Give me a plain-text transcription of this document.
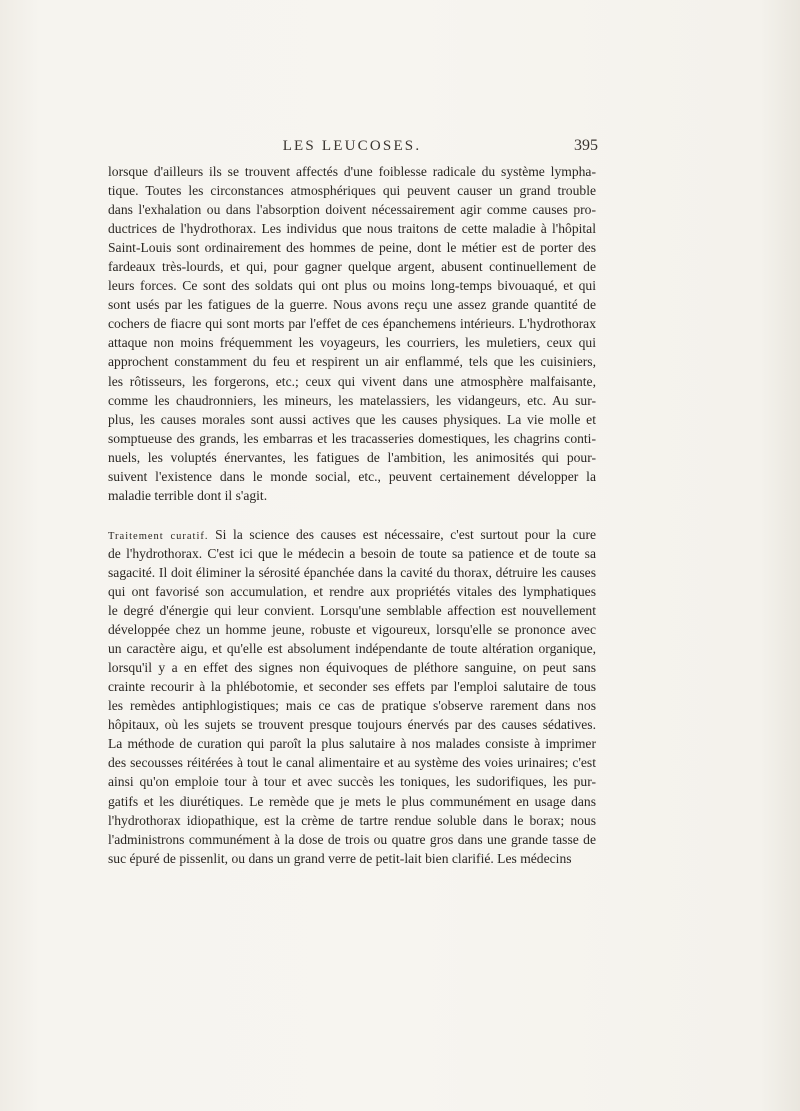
LES LEUCOSES.	395
lorsque d'ailleurs ils se trouvent affectés d'une foiblesse radicale du système lympha-
tique. Toutes les circonstances atmosphériques qui peuvent causer un grand trouble
dans l'exhalation ou dans l'absorption doivent nécessairement agir comme causes pro-
ductrices de l'hydrothorax. Les individus que nous traitons de cette maladie à l'hôpital
Saint-Louis sont ordinairement des hommes de peine, dont le métier est de porter des
fardeaux très-lourds, et qui, pour gagner quelque argent, abusent continuellement de
leurs forces. Ce sont des soldats qui ont plus ou moins long-temps bivouaqué, et qui
sont usés par les fatigues de la guerre. Nous avons reçu une assez grande quantité de
cochers de fiacre qui sont morts par l'effet de ces épanchemens intérieurs. L'hydrothorax
attaque non moins fréquemment les voyageurs, les courriers, les muletiers, ceux qui
approchent constamment du feu et respirent un air enflammé, tels que les cuisiniers,
les rôtisseurs, les forgerons, etc.; ceux qui vivent dans une atmosphère malfaisante,
comme les chaudronniers, les mineurs, les matelassiers, les vidangeurs, etc. Au sur-
plus, les causes morales sont aussi actives que les causes physiques. La vie molle et
somptueuse des grands, les embarras et les tracasseries domestiques, les chagrins conti-
nuels, les voluptés énervantes, les fatigues de l'ambition, les animosités qui pour-
suivent l'existence dans le monde social, etc., peuvent certainement développer la
maladie terrible dont il s'agit.
Traitement curatif. Si la science des causes est nécessaire, c'est surtout pour la cure
de l'hydrothorax. C'est ici que le médecin a besoin de toute sa patience et de toute sa
sagacité. Il doit éliminer la sérosité épanchée dans la cavité du thorax, détruire les causes
qui ont favorisé son accumulation, et rendre aux propriétés vitales des lymphatiques
le degré d'énergie qui leur convient. Lorsqu'une semblable affection est nouvellement
développée chez un homme jeune, robuste et vigoureux, lorsqu'elle se prononce avec
un caractère aigu, et qu'elle est absolument indépendante de toute altération organique,
lorsqu'il y a en effet des signes non équivoques de pléthore sanguine, on peut sans
crainte recourir à la phlébotomie, et seconder ses effets par l'emploi salutaire de tous
les remèdes antiphlogistiques; mais ce cas de pratique s'observe rarement dans nos
hôpitaux, où les sujets se trouvent presque toujours énervés par des causes sédatives.
La méthode de curation qui paroît la plus salutaire à nos malades consiste à imprimer
des secousses réitérées à tout le canal alimentaire et au système des voies urinaires; c'est
ainsi qu'on emploie tour à tour et avec succès les toniques, les sudorifiques, les pur-
gatifs et les diurétiques. Le remède que je mets le plus communément en usage dans
l'hydrothorax idiopathique, est la crème de tartre rendue soluble dans le borax; nous
l'administrons communément à la dose de trois ou quatre gros dans une grande tasse de
suc épuré de pissenlit, ou dans un grand verre de petit-lait bien clarifié. Les médecins
